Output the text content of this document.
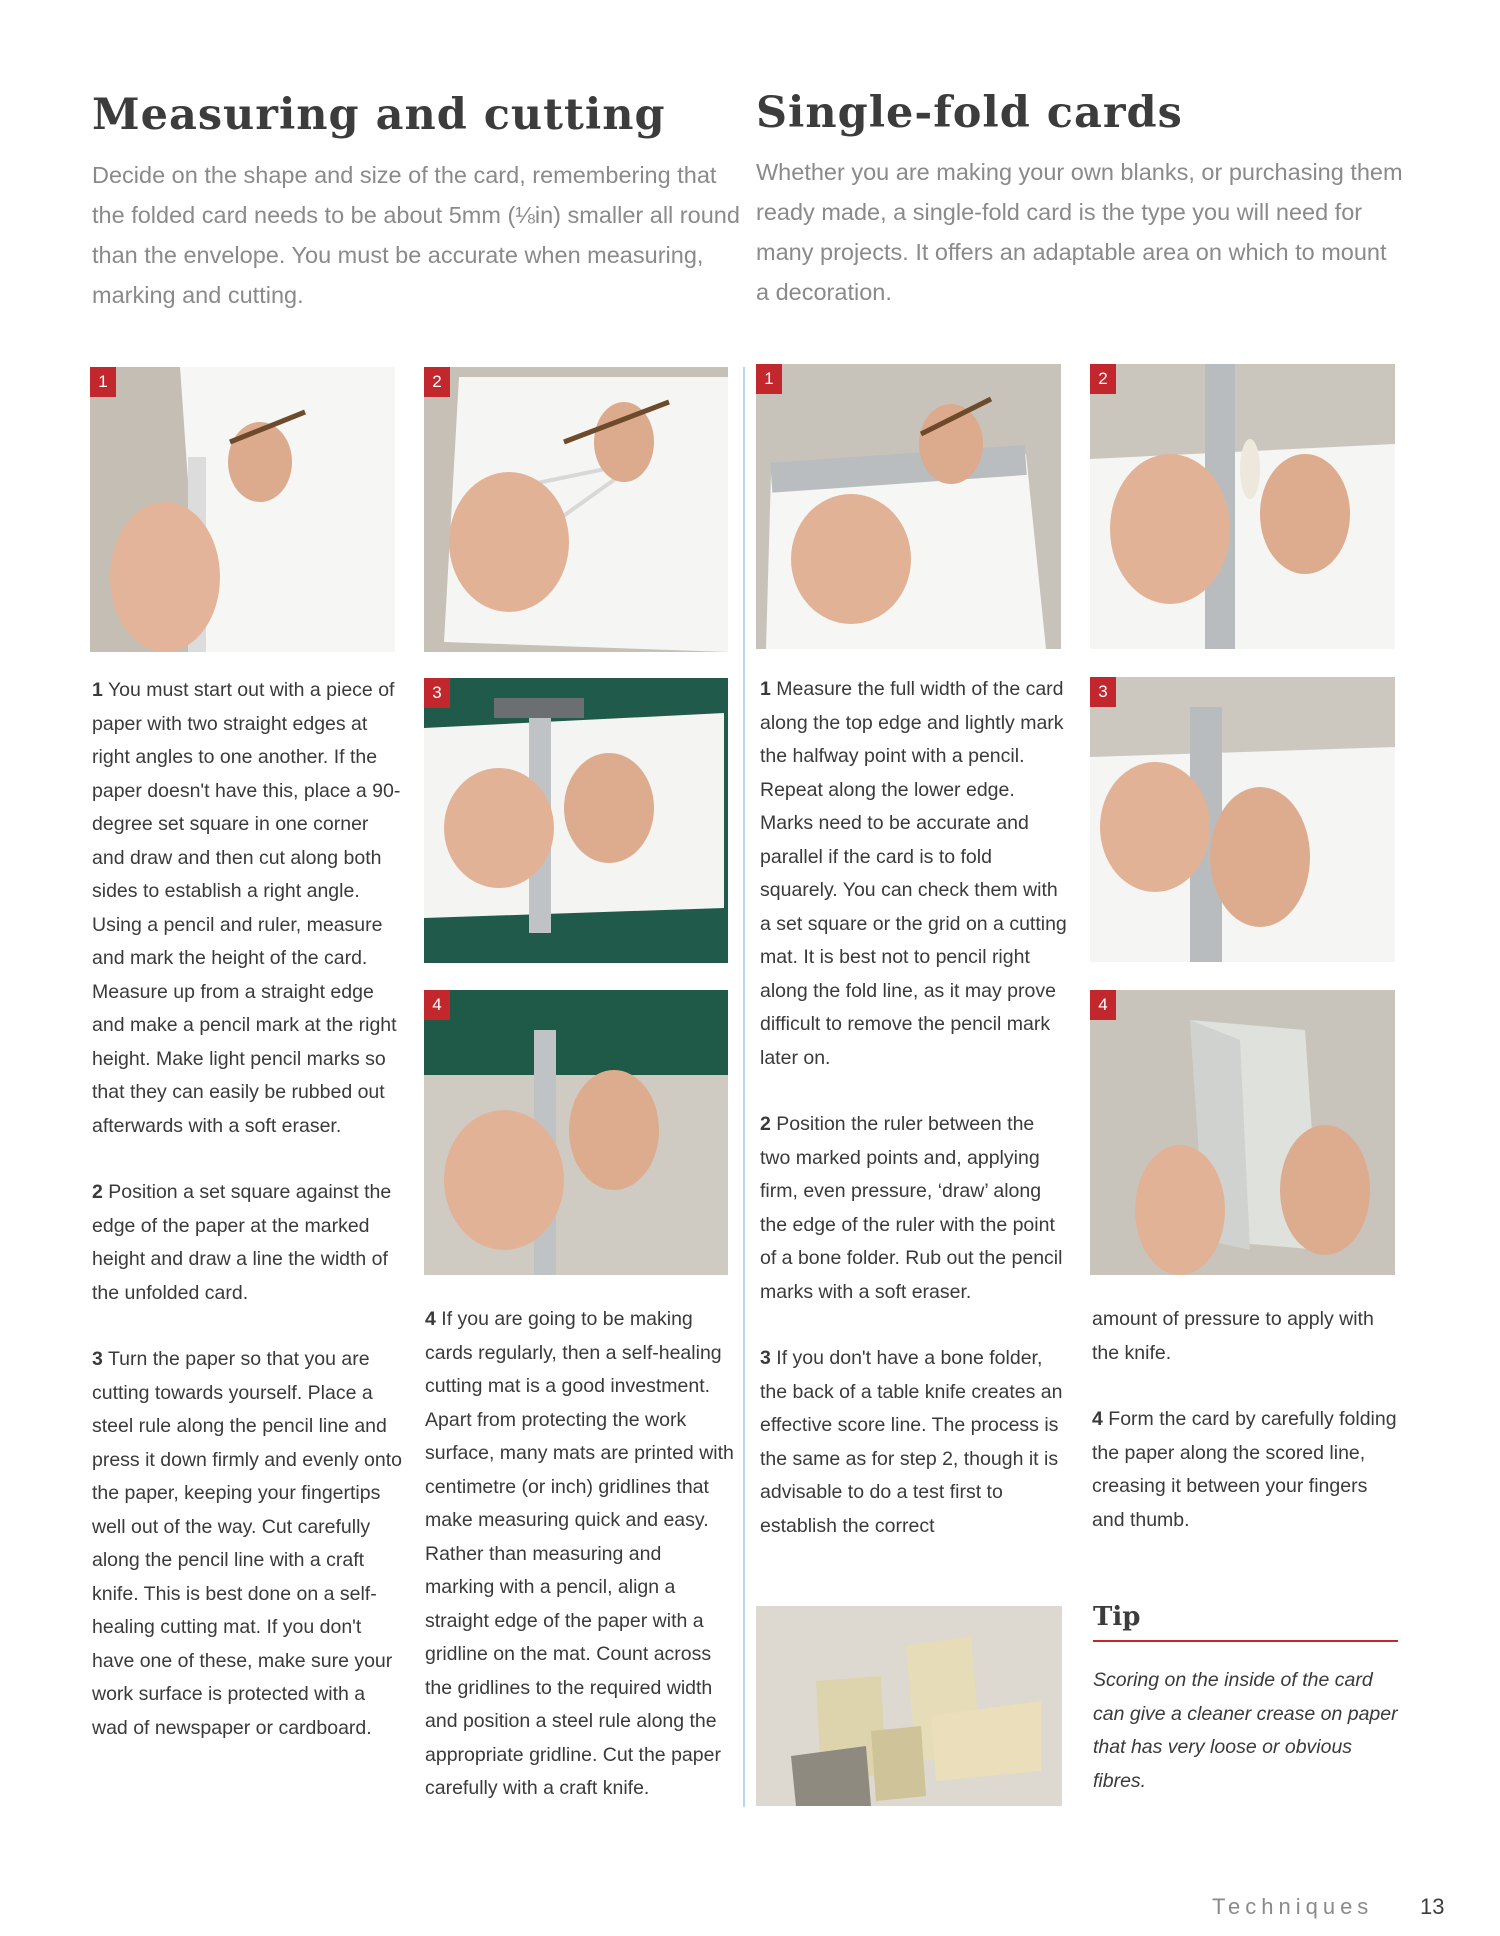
Measuring and cutting Single-fold cards

Decide on the shape and size of the card, remembering that the folded card needs to be about 5mm (⅛in) smaller all round than the envelope. You must be accurate when measuring, marking and cutting.

Whether you are making your own blanks, or purchasing them ready made, a single-fold card is the type you will need for many projects. It offers an adaptable area on which to mount a decoration.

1	2
3
4
1	2
3
4

1 You must start out with a piece of paper with two straight edges at right angles to one another. If the paper doesn't have this, place a 90-degree set square in one corner and draw and then cut along both sides to establish a right angle. Using a pencil and ruler, measure and mark the height of the card. Measure up from a straight edge and make a pencil mark at the right height. Make light pencil marks so that they can easily be rubbed out afterwards with a soft eraser.

2 Position a set square against the edge of the paper at the marked height and draw a line the width of the unfolded card.

3 Turn the paper so that you are cutting towards yourself. Place a steel rule along the pencil line and press it down firmly and evenly onto the paper, keeping your fingertips well out of the way. Cut carefully along the pencil line with a craft knife. This is best done on a self-healing cutting mat. If you don't have one of these, make sure your work surface is protected with a wad of newspaper or cardboard.

4 If you are going to be making cards regularly, then a self-healing cutting mat is a good investment. Apart from protecting the work surface, many mats are printed with centimetre (or inch) gridlines that make measuring quick and easy. Rather than measuring and marking with a pencil, align a straight edge of the paper with a gridline on the mat. Count across the gridlines to the required width and position a steel rule along the appropriate gridline. Cut the paper carefully with a craft knife.

1 Measure the full width of the card along the top edge and lightly mark the halfway point with a pencil. Repeat along the lower edge. Marks need to be accurate and parallel if the card is to fold squarely. You can check them with a set square or the grid on a cutting mat. It is best not to pencil right along the fold line, as it may prove difficult to remove the pencil mark later on.

2 Position the ruler between the two marked points and, applying firm, even pressure, ‘draw’ along the edge of the ruler with the point of a bone folder. Rub out the pencil marks with a soft eraser.

3 If you don't have a bone folder, the back of a table knife creates an effective score line. The process is the same as for step 2, though it is advisable to do a test first to establish the correct

amount of pressure to apply with the knife.

4 Form the card by carefully folding the paper along the scored line, creasing it between your fingers and thumb.

Tip

Scoring on the inside of the card can give a cleaner crease on paper that has very loose or obvious fibres.

Techniques 13
